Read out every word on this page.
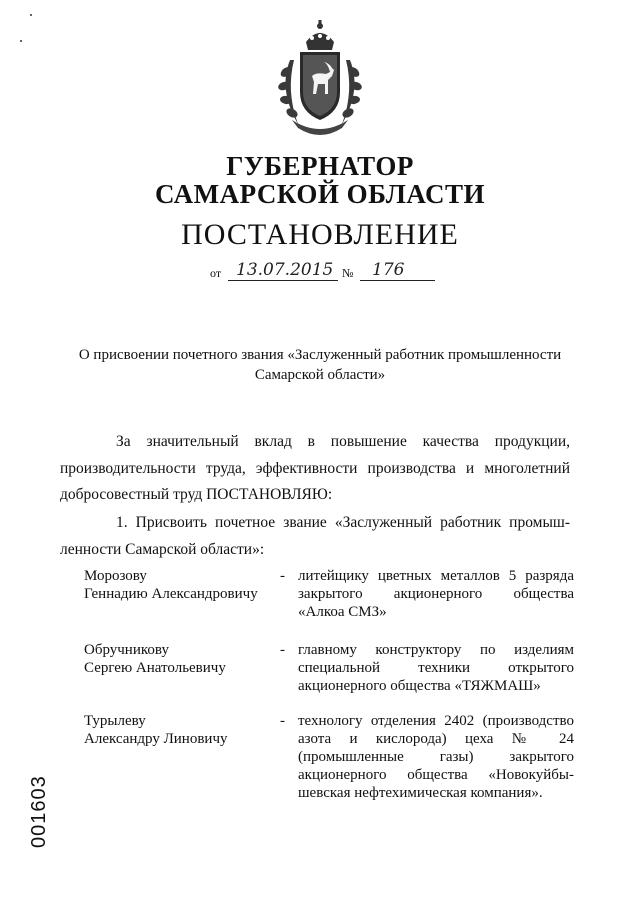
ГУБЕРНАТОР
САМАРСКОЙ ОБЛАСТИ
ПОСТАНОВЛЕНИЕ
от 13.07.2015 № 176
О присвоении почетного звания «Заслуженный работник промышленности
Самарской области»
За значительный вклад в повышение качества продукции,
производительности труда, эффективности производства и многолетний
добросовестный труд ПОСТАНОВЛЯЮ:
1. Присвоить почетное звание «Заслуженный работник промыш-
ленности Самарской области»:
Морозову
Геннадию Александровичу
- литейщику цветных металлов 5 разряда
закрытого акционерного общества
«Алкоа СМЗ»
Обручникову
Сергею Анатольевичу
- главному конструктору по изделиям
специальной техники открытого
акционерного общества «ТЯЖМАШ»
Турылеву
Александру Линовичу
- технологу отделения 2402 (производство
азота и кислорода) цеха № 24
(промышленные газы) закрытого
акционерного общества «Новокуйбы-
шевская нефтехимическая компания».
001603
